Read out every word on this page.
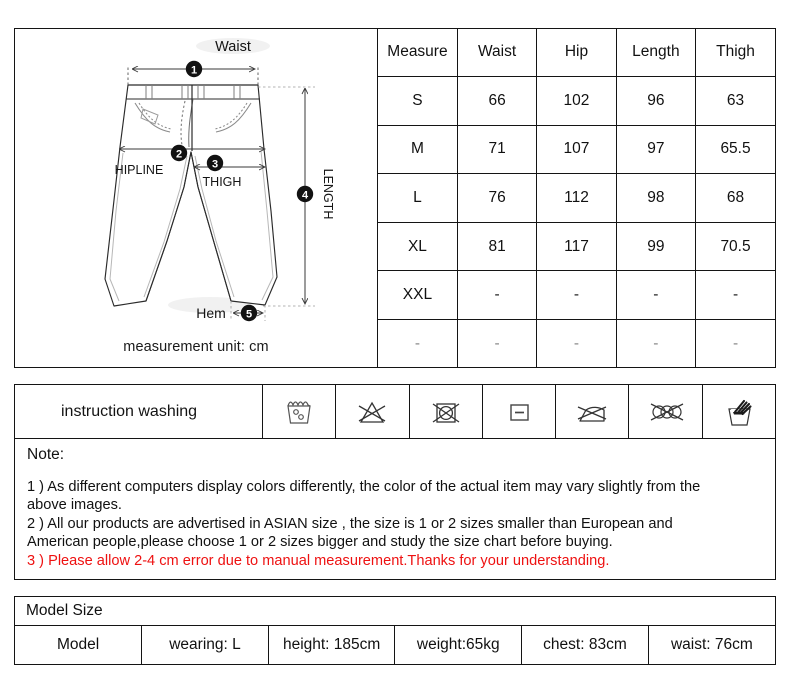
1
Waist
2
HIPLINE	3
THIGH
4 LENGTH
5
Hem
measurement unit: cm
Measure	Waist	Hip	Length	Thigh
S	66	102	96	63
M	71	107	97	65.5
L	76	112	98	68
XL	81	117	99	70.5
XXL	-	-	-	-
-	-	-	-	-
instruction washing
Note:
1 ) As different computers display colors differently, the color of the actual item may vary slightly from the
above images.
2 ) All our products are advertised in ASIAN size , the size is 1 or 2 sizes smaller than European and
American people,please choose 1 or 2 sizes bigger and study the size chart before buying.
3 ) Please allow 2-4 cm error due to manual measurement.Thanks for your understanding.
Model Size
Model	wearing: L	height: 185cm	weight:65kg	chest: 83cm	waist: 76cm
